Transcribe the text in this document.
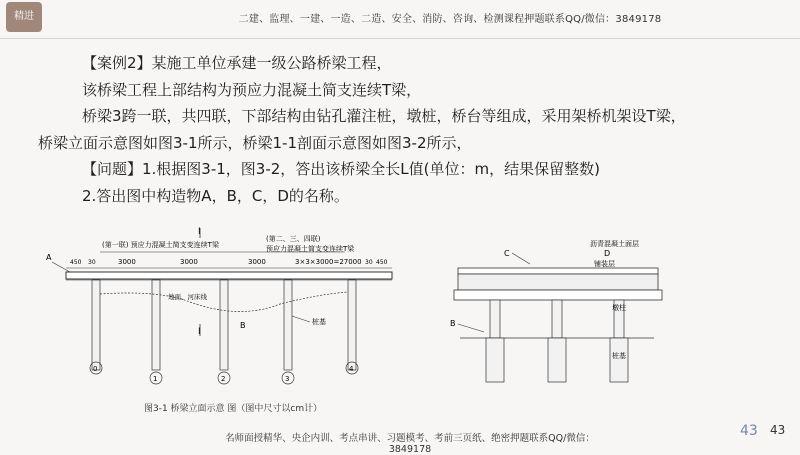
精进	二建、监理、一建、一造、二造、安全、消防、咨询、检测课程押题联系QQ/微信：3849178
【案例2】某施工单位承建一级公路桥梁工程，
该桥梁工程上部结构为预应力混凝土简支连续T梁，
桥梁3跨一联，共四联，下部结构由钻孔灌注桩，墩桩，桥台等组成，采用架桥机架设T梁，
桥梁立面示意图如图3-1所示，桥梁1-1剖面示意图如图3-2所示，
【问题】1.根据图3-1，图3-2，答出该桥梁全长L值(单位：m，结果保留整数)
2.答出图中构造物A，B，C，D的名称。
(第一联) 预应力混凝土简支变连续T梁
(第二、三、四联)
预应力混凝土简支变连续T梁
I
A
450 30	3000	3000	3000	3×3×3000=27000 30 450
地面、河床线
I
B	桩基
0
1	2	3
4
C
沥青混凝土面层
D
铺装层
B
墩柱
桩基
图3-1 桥梁立面示意 图（图中尺寸以cm计）
43 43
名师面授精华、央企内训、考点串讲、习题模考、考前三页纸、绝密押题联系QQ/微信：3849178
